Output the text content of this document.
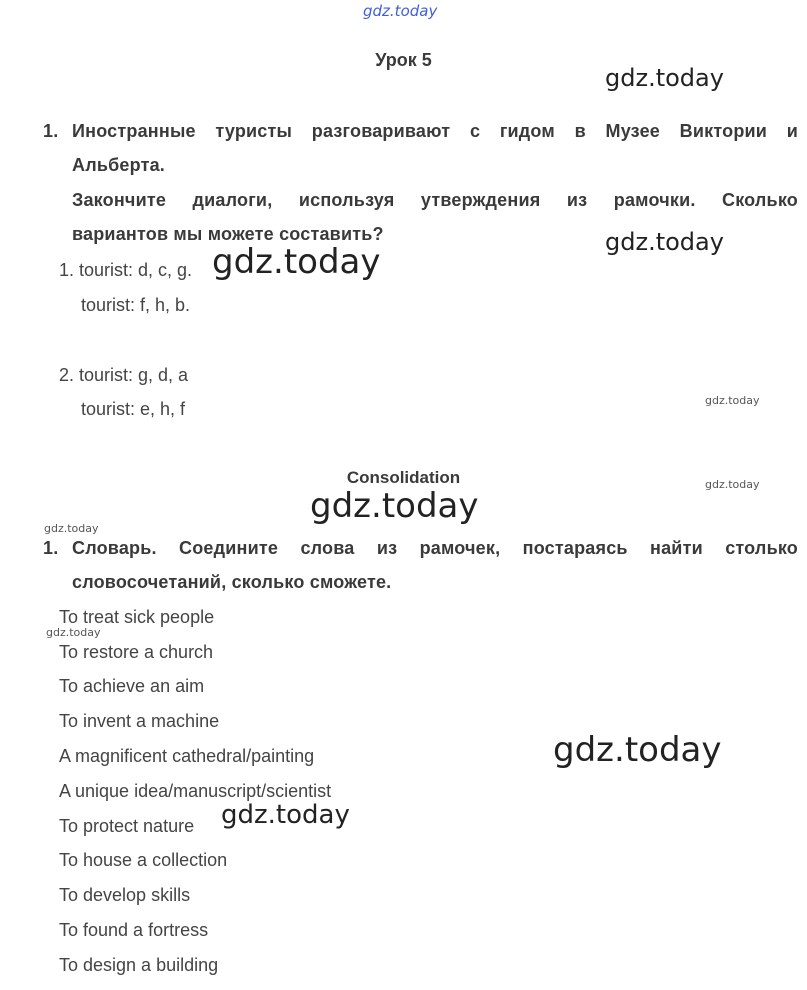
gdz.today
gdz.today
gdz.today
gdz.today
gdz.today
gdz.today
gdz.today
gdz.today
gdz.today
gdz.today
gdz.today
Урок 5
1. Иностранные туристы разговаривают с гидом в Музее Виктории и
Альберта.
Закончите диалоги, используя утверждения из рамочки. Сколько
вариантов мы можете составить?
1. tourist: d, c, g.
tourist: f, h, b.
2. tourist: g, d, a
tourist: e, h, f
Consolidation
1. Словарь. Соедините слова из рамочек, постараясь найти столько
словосочетаний, сколько сможете.
To treat sick people
To restore a church
To achieve an aim
To invent a machine
A magnificent cathedral/painting
A unique idea/manuscript/scientist
To protect nature
To house a collection
To develop skills
To found a fortress
To design a building
